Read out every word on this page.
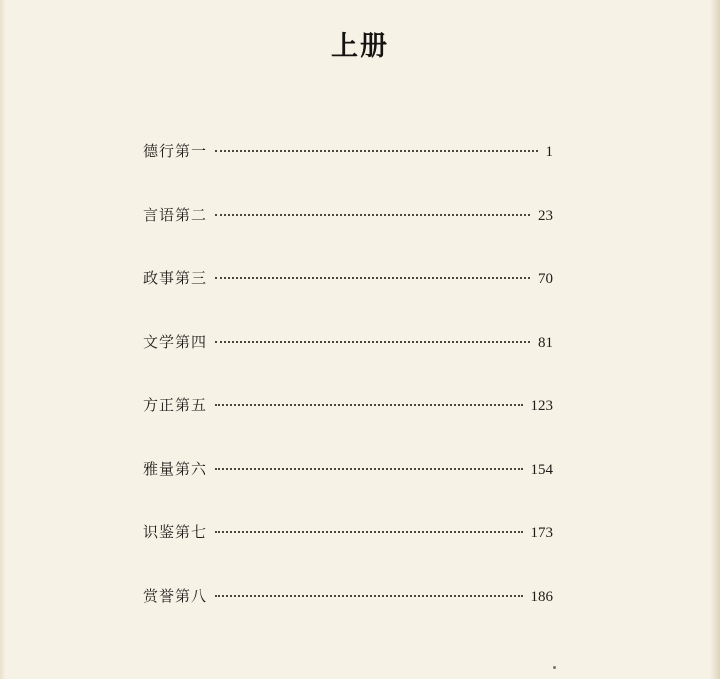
上册
德行第一	1
言语第二	23
政事第三	70
文学第四	81
方正第五	123
雅量第六	154
识鉴第七	173
赏誉第八	186
